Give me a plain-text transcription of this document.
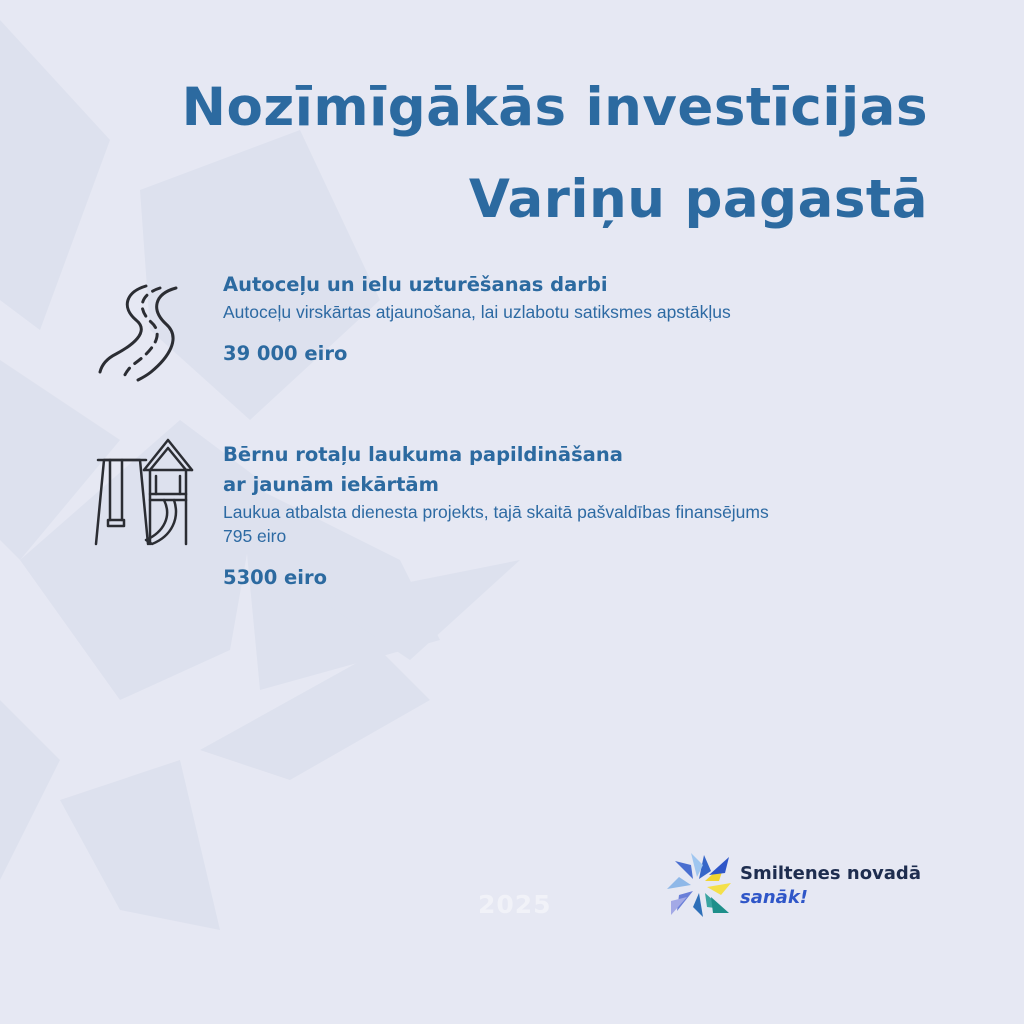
Nozīmīgākās investīcijas
Variņu pagastā
Autoceļu un ielu uzturēšanas darbi
Autoceļu virskārtas atjaunošana, lai uzlabotu satiksmes apstākļus
39 000 eiro
Bērnu rotaļu laukuma papildināšana
ar jaunām iekārtām
Laukua atbalsta dienesta projekts, tajā skaitā pašvaldības finansējums
795 eiro
5300 eiro
2025
Smiltenes novadā
sanāk!
